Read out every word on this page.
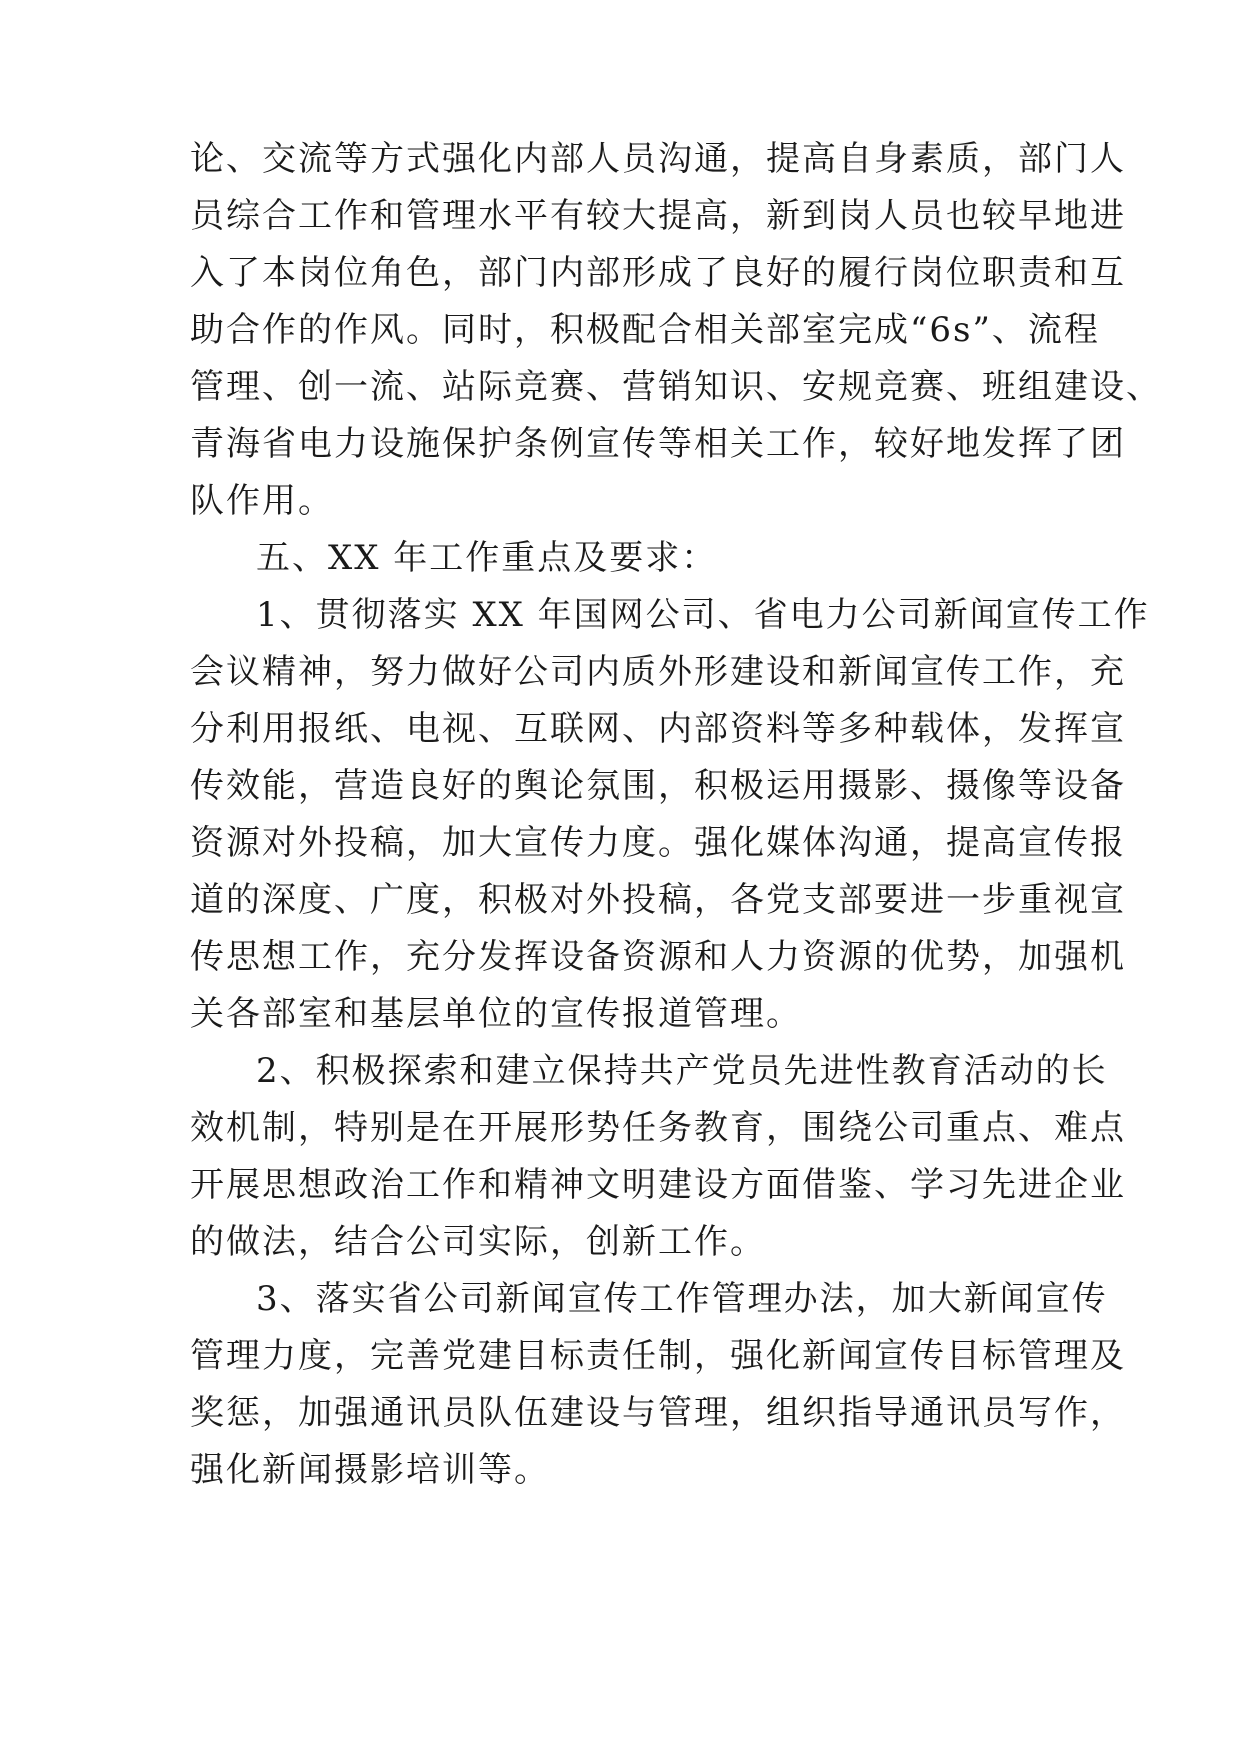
论、交流等方式强化内部人员沟通，提高自身素质，部门人
员综合工作和管理水平有较大提高，新到岗人员也较早地进
入了本岗位角色，部门内部形成了良好的履行岗位职责和互
助合作的作风。同时，积极配合相关部室完成“6s”、流程
管理、创一流、站际竞赛、营销知识、安规竞赛、班组建设、
青海省电力设施保护条例宣传等相关工作，较好地发挥了团
队作用。
五、XX 年工作重点及要求：
1、贯彻落实 XX 年国网公司、省电力公司新闻宣传工作
会议精神，努力做好公司内质外形建设和新闻宣传工作，充
分利用报纸、电视、互联网、内部资料等多种载体，发挥宣
传效能，营造良好的舆论氛围，积极运用摄影、摄像等设备
资源对外投稿，加大宣传力度。强化媒体沟通，提高宣传报
道的深度、广度，积极对外投稿，各党支部要进一步重视宣
传思想工作，充分发挥设备资源和人力资源的优势，加强机
关各部室和基层单位的宣传报道管理。
2、积极探索和建立保持共产党员先进性教育活动的长
效机制，特别是在开展形势任务教育，围绕公司重点、难点
开展思想政治工作和精神文明建设方面借鉴、学习先进企业
的做法，结合公司实际，创新工作。
3、落实省公司新闻宣传工作管理办法，加大新闻宣传
管理力度，完善党建目标责任制，强化新闻宣传目标管理及
奖惩，加强通讯员队伍建设与管理，组织指导通讯员写作，
强化新闻摄影培训等。
